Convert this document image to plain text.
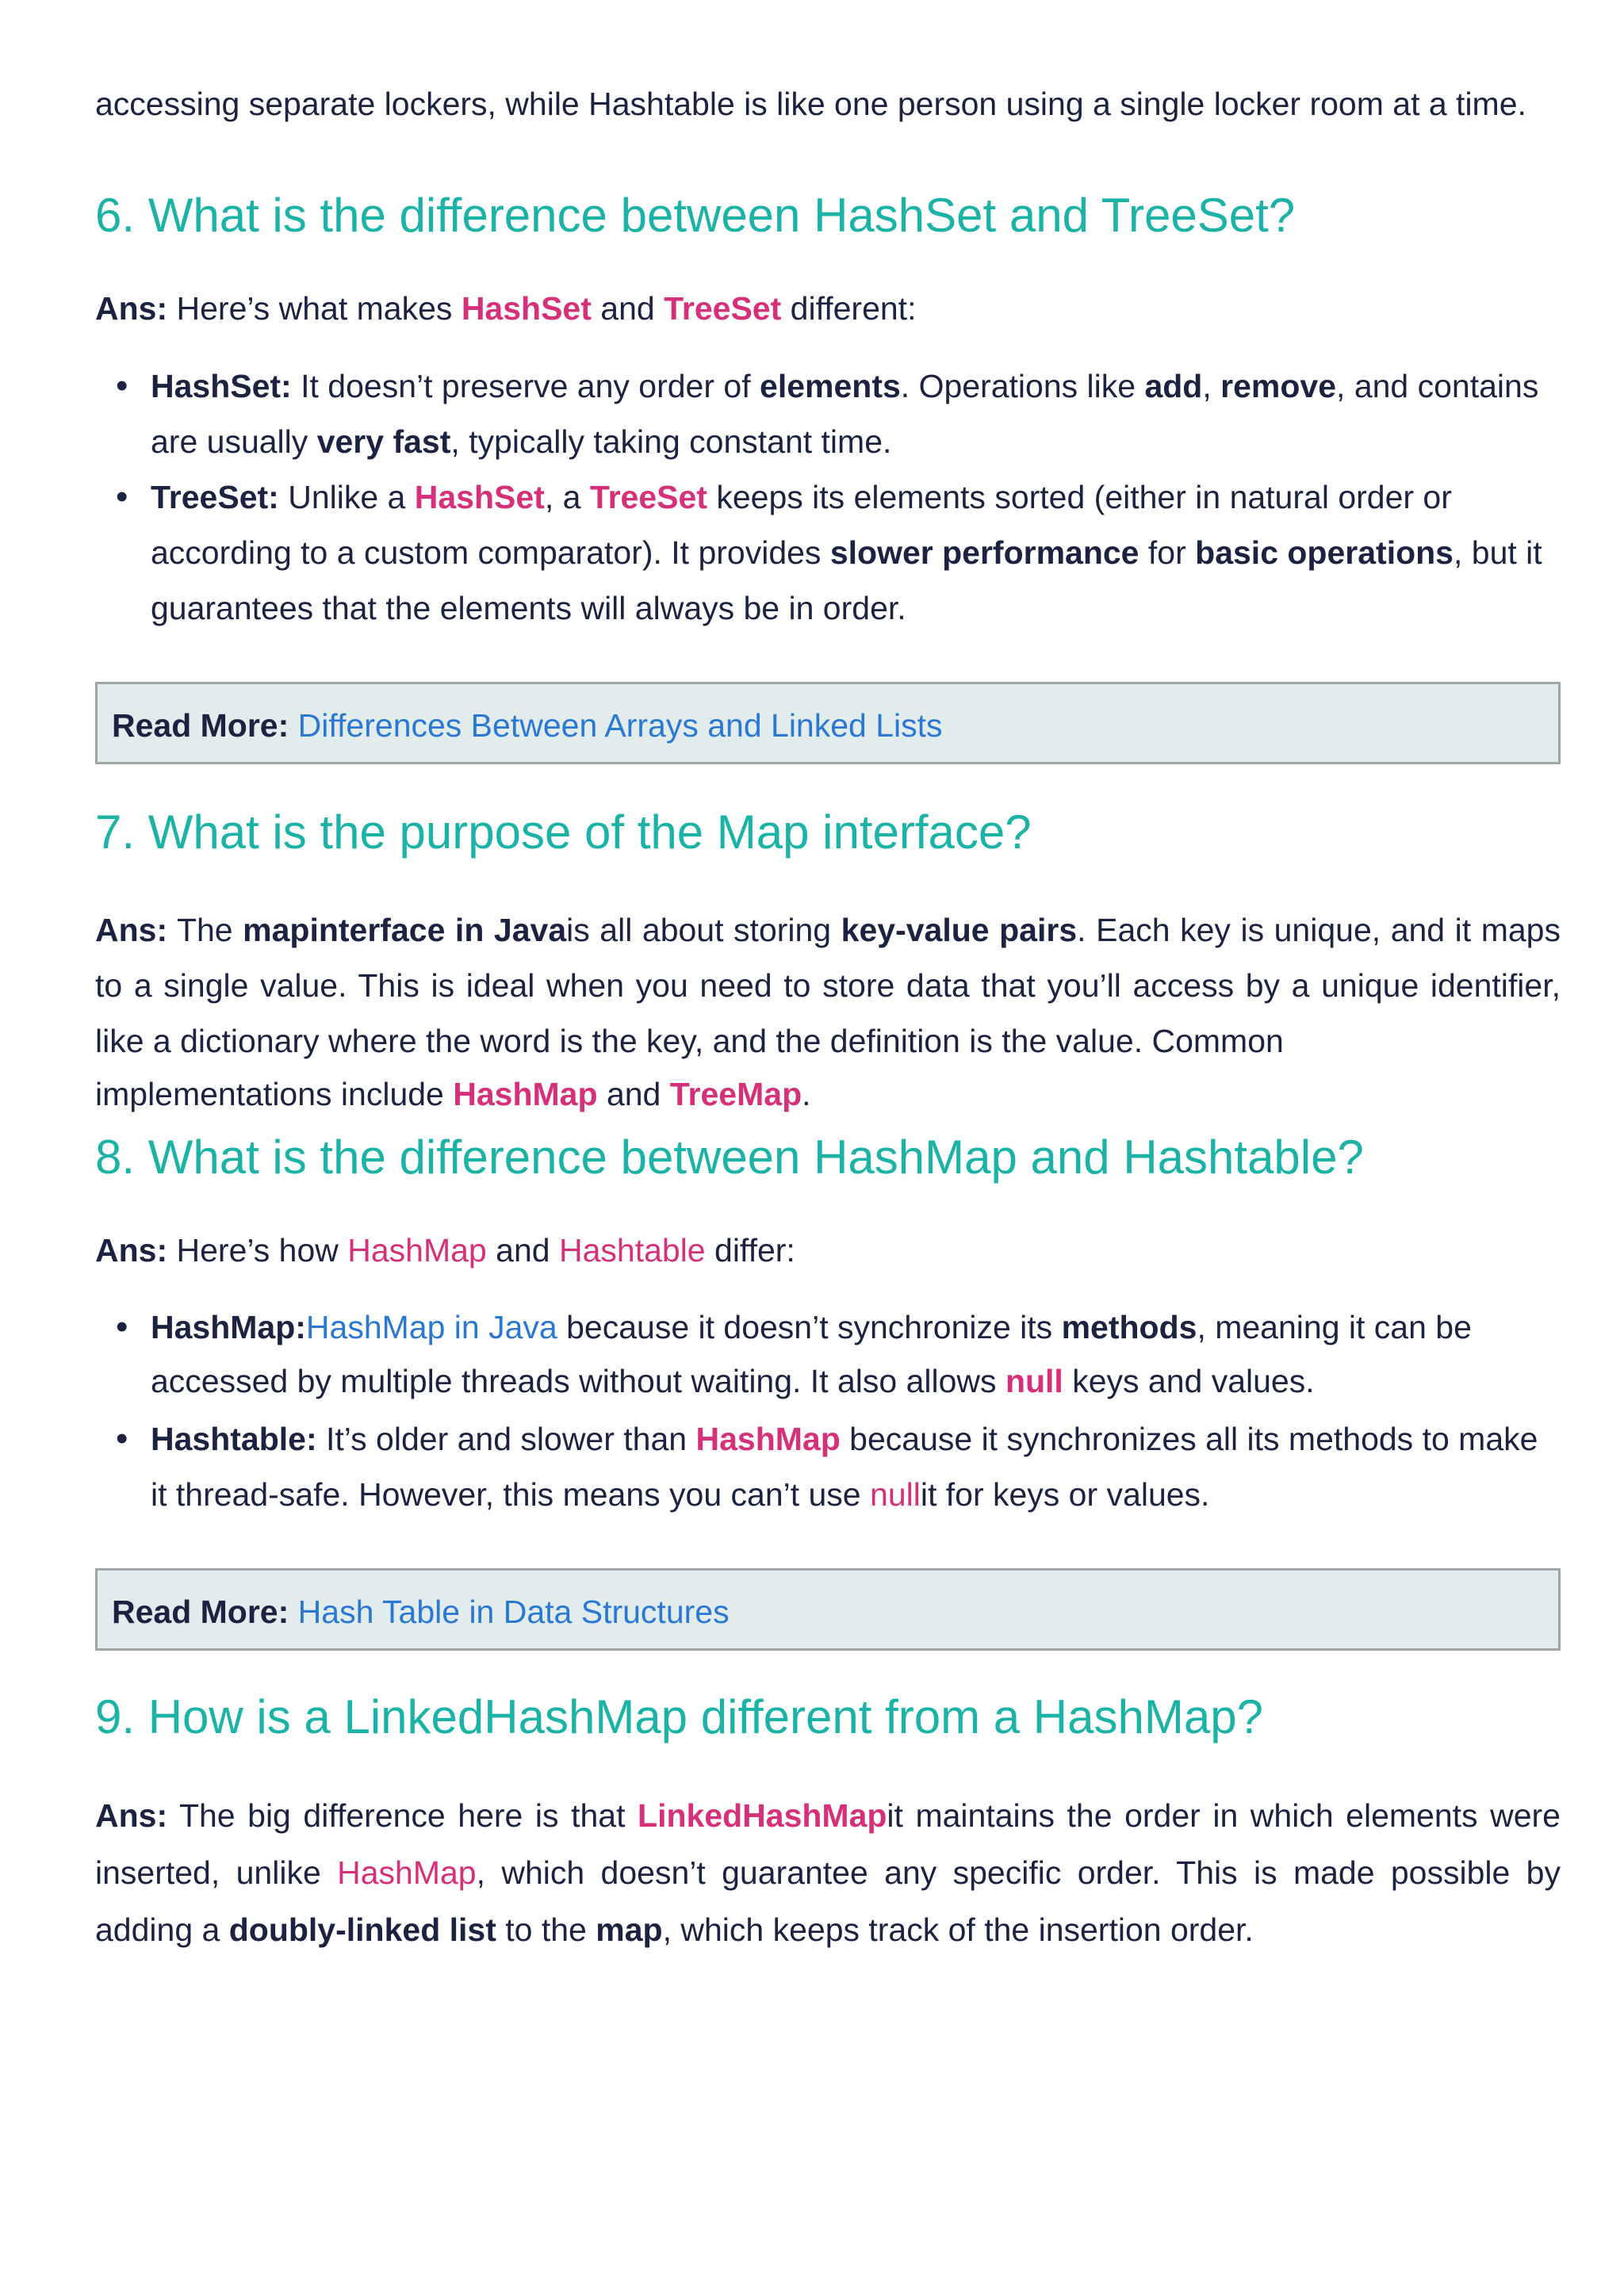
accessing separate lockers, while Hashtable is like one person using a single locker room at a time.

6. What is the difference between HashSet and TreeSet?

Ans: Here’s what makes HashSet and TreeSet different:

• HashSet: It doesn’t preserve any order of elements. Operations like add, remove, and contains are usually very fast, typically taking constant time.
• TreeSet: Unlike a HashSet, a TreeSet keeps its elements sorted (either in natural order or according to a custom comparator). It provides slower performance for basic operations, but it guarantees that the elements will always be in order.
Read More: Differences Between Arrays and Linked Lists
7. What is the purpose of the Map interface?

Ans: The mapinterface in Javais all about storing key-value pairs. Each key is unique, and it maps to a single value. This is ideal when you need to store data that you’ll access by a unique identifier, like a dictionary where the word is the key, and the definition is the value. Common

implementations include HashMap and TreeMap.

8. What is the difference between HashMap and Hashtable?

Ans: Here’s how HashMap and Hashtable differ:

• HashMap:HashMap in Java because it doesn’t synchronize its methods, meaning it can be accessed by multiple threads without waiting. It also allows null keys and values.
• Hashtable: It’s older and slower than HashMap because it synchronizes all its methods to make it thread-safe. However, this means you can’t use nullit for keys or values.
Read More: Hash Table in Data Structures
9. How is a LinkedHashMap different from a HashMap?

Ans: The big difference here is that LinkedHashMapit maintains the order in which elements were inserted, unlike HashMap, which doesn’t guarantee any specific order. This is made possible by adding a doubly-linked list to the map, which keeps track of the insertion order.
